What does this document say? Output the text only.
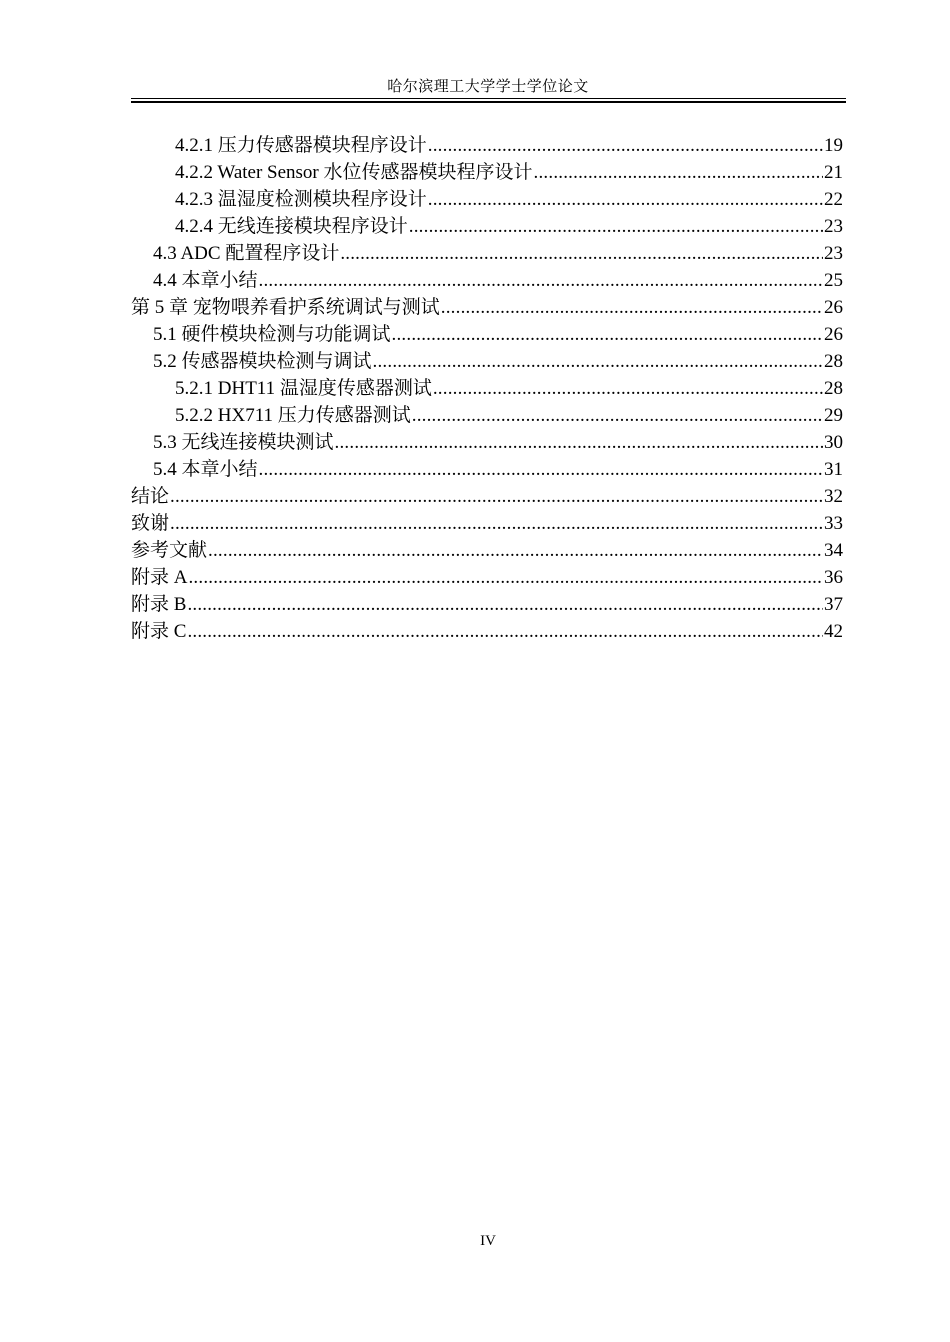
哈尔滨理工大学学士学位论文
4.2.1 压力传感器模块程序设计 .....	19
4.2.2 Water Sensor 水位传感器模块程序设计 .....	21
4.2.3 温湿度检测模块程序设计 .....	22
4.2.4 无线连接模块程序设计 .....	23
4.3 ADC 配置程序设计 .....	23
4.4 本章小结 .....	25
第 5 章 宠物喂养看护系统调试与测试 .....	26
5.1 硬件模块检测与功能调试 .....	26
5.2 传感器模块检测与调试 .....	28
5.2.1 DHT11 温湿度传感器测试 .....	28
5.2.2 HX711 压力传感器测试 .....	29
5.3 无线连接模块测试 .....	30
5.4 本章小结 .....	31
结论 .....	32
致谢 .....	33
参考文献 .....	34
附录 A .....	36
附录 B .....	37
附录 C .....	42
IV
